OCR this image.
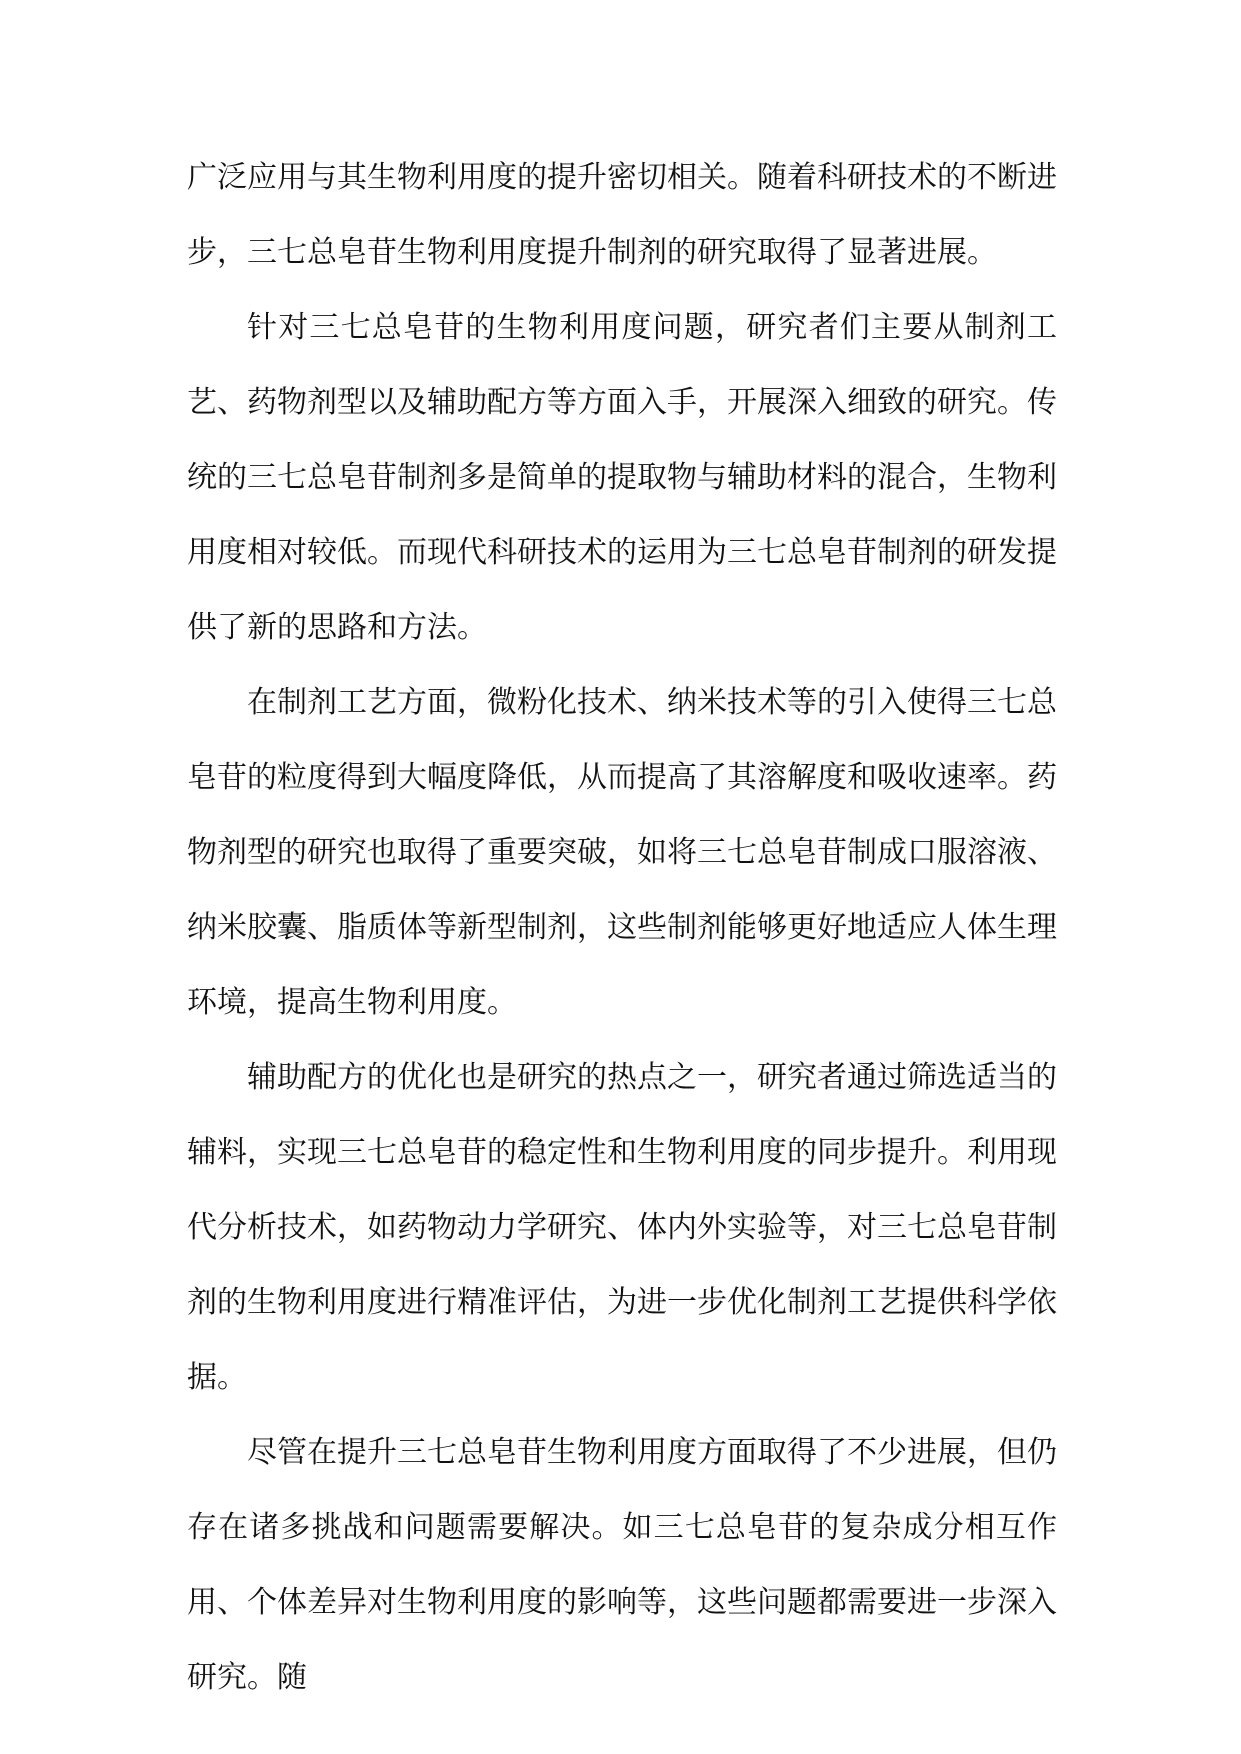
广泛应用与其生物利用度的提升密切相关。随着科研技术的不断进步，三七总皂苷生物利用度提升制剂的研究取得了显著进展。

针对三七总皂苷的生物利用度问题，研究者们主要从制剂工艺、药物剂型以及辅助配方等方面入手，开展深入细致的研究。传统的三七总皂苷制剂多是简单的提取物与辅助材料的混合，生物利用度相对较低。而现代科研技术的运用为三七总皂苷制剂的研发提供了新的思路和方法。

在制剂工艺方面，微粉化技术、纳米技术等的引入使得三七总皂苷的粒度得到大幅度降低，从而提高了其溶解度和吸收速率。药物剂型的研究也取得了重要突破，如将三七总皂苷制成口服溶液、纳米胶囊、脂质体等新型制剂，这些制剂能够更好地适应人体生理环境，提高生物利用度。

辅助配方的优化也是研究的热点之一，研究者通过筛选适当的辅料，实现三七总皂苷的稳定性和生物利用度的同步提升。利用现代分析技术，如药物动力学研究、体内外实验等，对三七总皂苷制剂的生物利用度进行精准评估，为进一步优化制剂工艺提供科学依据。

尽管在提升三七总皂苷生物利用度方面取得了不少进展，但仍存在诸多挑战和问题需要解决。如三七总皂苷的复杂成分相互作用、个体差异对生物利用度的影响等，这些问题都需要进一步深入研究。随
